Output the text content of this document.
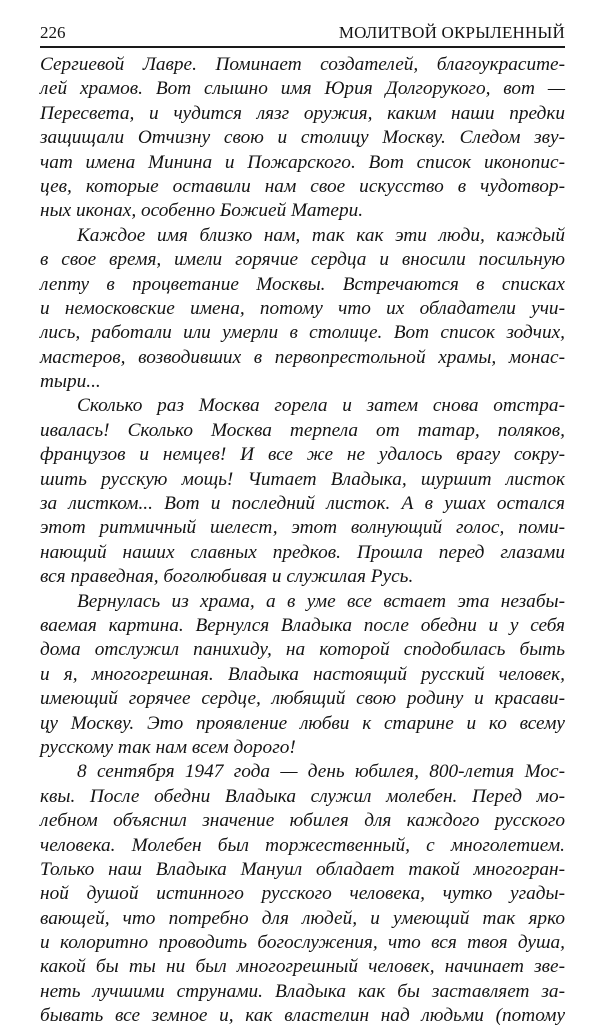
226	МОЛИТВОЙ ОКРЫЛЕННЫЙ
Сергиевой Лавре. Поминает создателей, благоукрасите-
лей храмов. Вот слышно имя Юрия Долгорукого, вот —
Пересвета, и чудится лязг оружия, каким наши предки
защищали Отчизну свою и столицу Москву. Следом зву-
чат имена Минина и Пожарского. Вот список иконопис-
цев, которые оставили нам свое искусство в чудотвор-
ных иконах, особенно Божией Матери.
Каждое имя близко нам, так как эти люди, каждый
в свое время, имели горячие сердца и вносили посильную
лепту в процветание Москвы. Встречаются в списках
и немосковские имена, потому что их обладатели учи-
лись, работали или умерли в столице. Вот список зодчих,
мастеров, возводивших в первопрестольной храмы, монас-
тыри...
Сколько раз Москва горела и затем снова отстра-
ивалась! Сколько Москва терпела от татар, поляков,
французов и немцев! И все же не удалось врагу сокру-
шить русскую мощь! Читает Владыка, шуршит листок
за листком... Вот и последний листок. А в ушах остался
этот ритмичный шелест, этот волнующий голос, поми-
нающий наших славных предков. Прошла перед глазами
вся праведная, боголюбивая и служилая Русь.
Вернулась из храма, а в уме все встает эта незабы-
ваемая картина. Вернулся Владыка после обедни и у себя
дома отслужил панихиду, на которой сподобилась быть
и я, многогрешная. Владыка настоящий русский человек,
имеющий горячее сердце, любящий свою родину и красави-
цу Москву. Это проявление любви к старине и ко всему
русскому так нам всем дорого!
8 сентября 1947 года — день юбилея, 800-летия Мос-
квы. После обедни Владыка служил молебен. Перед мо-
лебном объяснил значение юбилея для каждого русского
человека. Молебен был торжественный, с многолетием.
Только наш Владыка Мануил обладает такой многогран-
ной душой истинного русского человека, чутко угады-
вающей, что потребно для людей, и умеющий так ярко
и колоритно проводить богослужения, что вся твоя душа,
какой бы ты ни был многогрешный человек, начинает зве-
неть лучшими струнами. Владыка как бы заставляет за-
бывать все земное и, как властелин над людьми (потому
